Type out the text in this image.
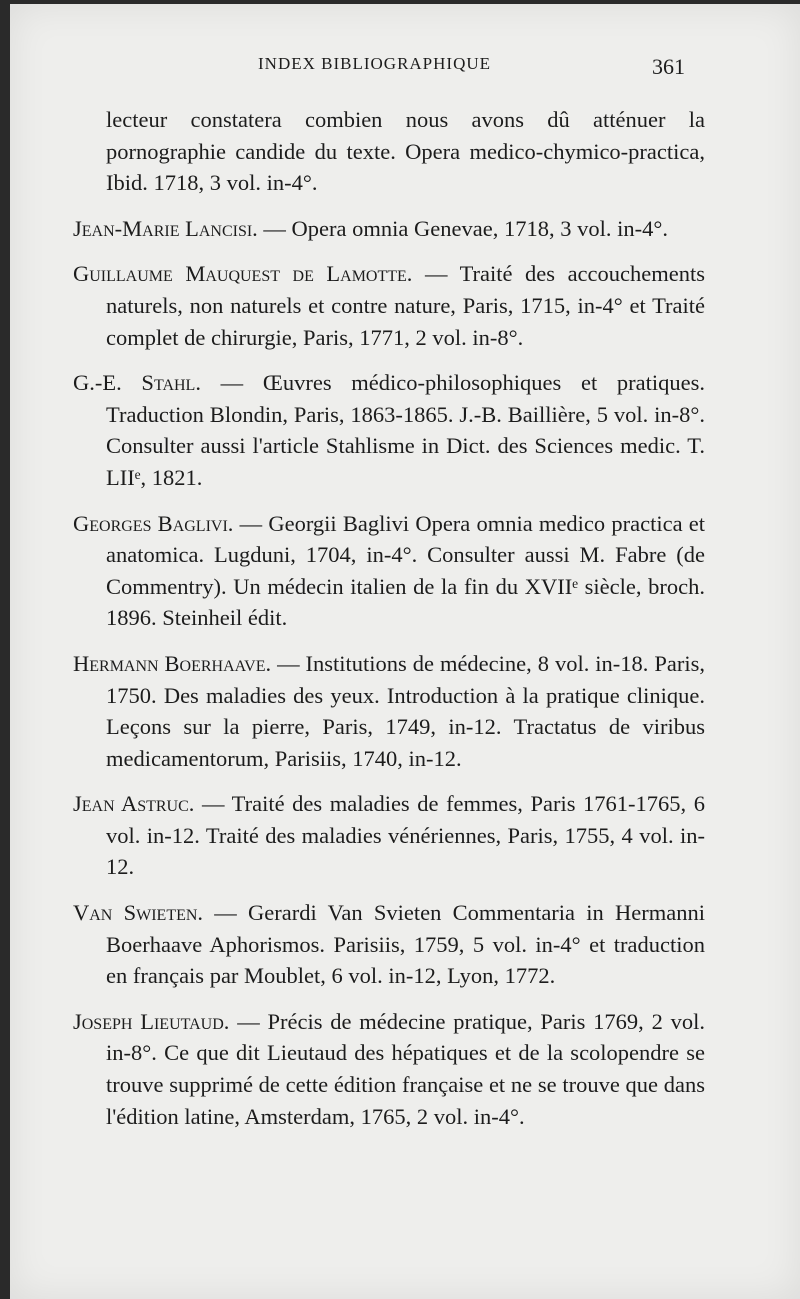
INDEX BIBLIOGRAPHIQUE	361

lecteur constatera combien nous avons dû atténuer la pornographie candide du texte. Opera medico-chymico-practica, Ibid. 1718, 3 vol. in-4°.

Jean-Marie Lancisi. — Opera omnia Genevae, 1718, 3 vol. in-4°.

Guillaume Mauquest de Lamotte. — Traité des accouchements naturels, non naturels et contre nature, Paris, 1715, in-4° et Traité complet de chirurgie, Paris, 1771, 2 vol. in-8°.

G.-E. Stahl. — Œuvres médico-philosophiques et pratiques. Traduction Blondin, Paris, 1863-1865. J.-B. Baillière, 5 vol. in-8°. Consulter aussi l'article Stahlisme in Dict. des Sciences medic. T. LIIᵉ, 1821.

Georges Baglivi. — Georgii Baglivi Opera omnia medico practica et anatomica. Lugduni, 1704, in-4°. Consulter aussi M. Fabre (de Commentry). Un médecin italien de la fin du XVIIᵉ siècle, broch. 1896. Steinheil édit.

Hermann Boerhaave. — Institutions de médecine, 8 vol. in-18. Paris, 1750. Des maladies des yeux. Introduction à la pratique clinique. Leçons sur la pierre, Paris, 1749, in-12. Tractatus de viribus medicamentorum, Parisiis, 1740, in-12.

Jean Astruc. — Traité des maladies de femmes, Paris 1761-1765, 6 vol. in-12. Traité des maladies vénériennes, Paris, 1755, 4 vol. in-12.

Van Swieten. — Gerardi Van Svieten Commentaria in Hermanni Boerhaave Aphorismos. Parisiis, 1759, 5 vol. in-4° et traduction en français par Moublet, 6 vol. in-12, Lyon, 1772.

Joseph Lieutaud. — Précis de médecine pratique, Paris 1769, 2 vol. in-8°. Ce que dit Lieutaud des hépatiques et de la scolopendre se trouve supprimé de cette édition française et ne se trouve que dans l'édition latine, Amsterdam, 1765, 2 vol. in-4°.
